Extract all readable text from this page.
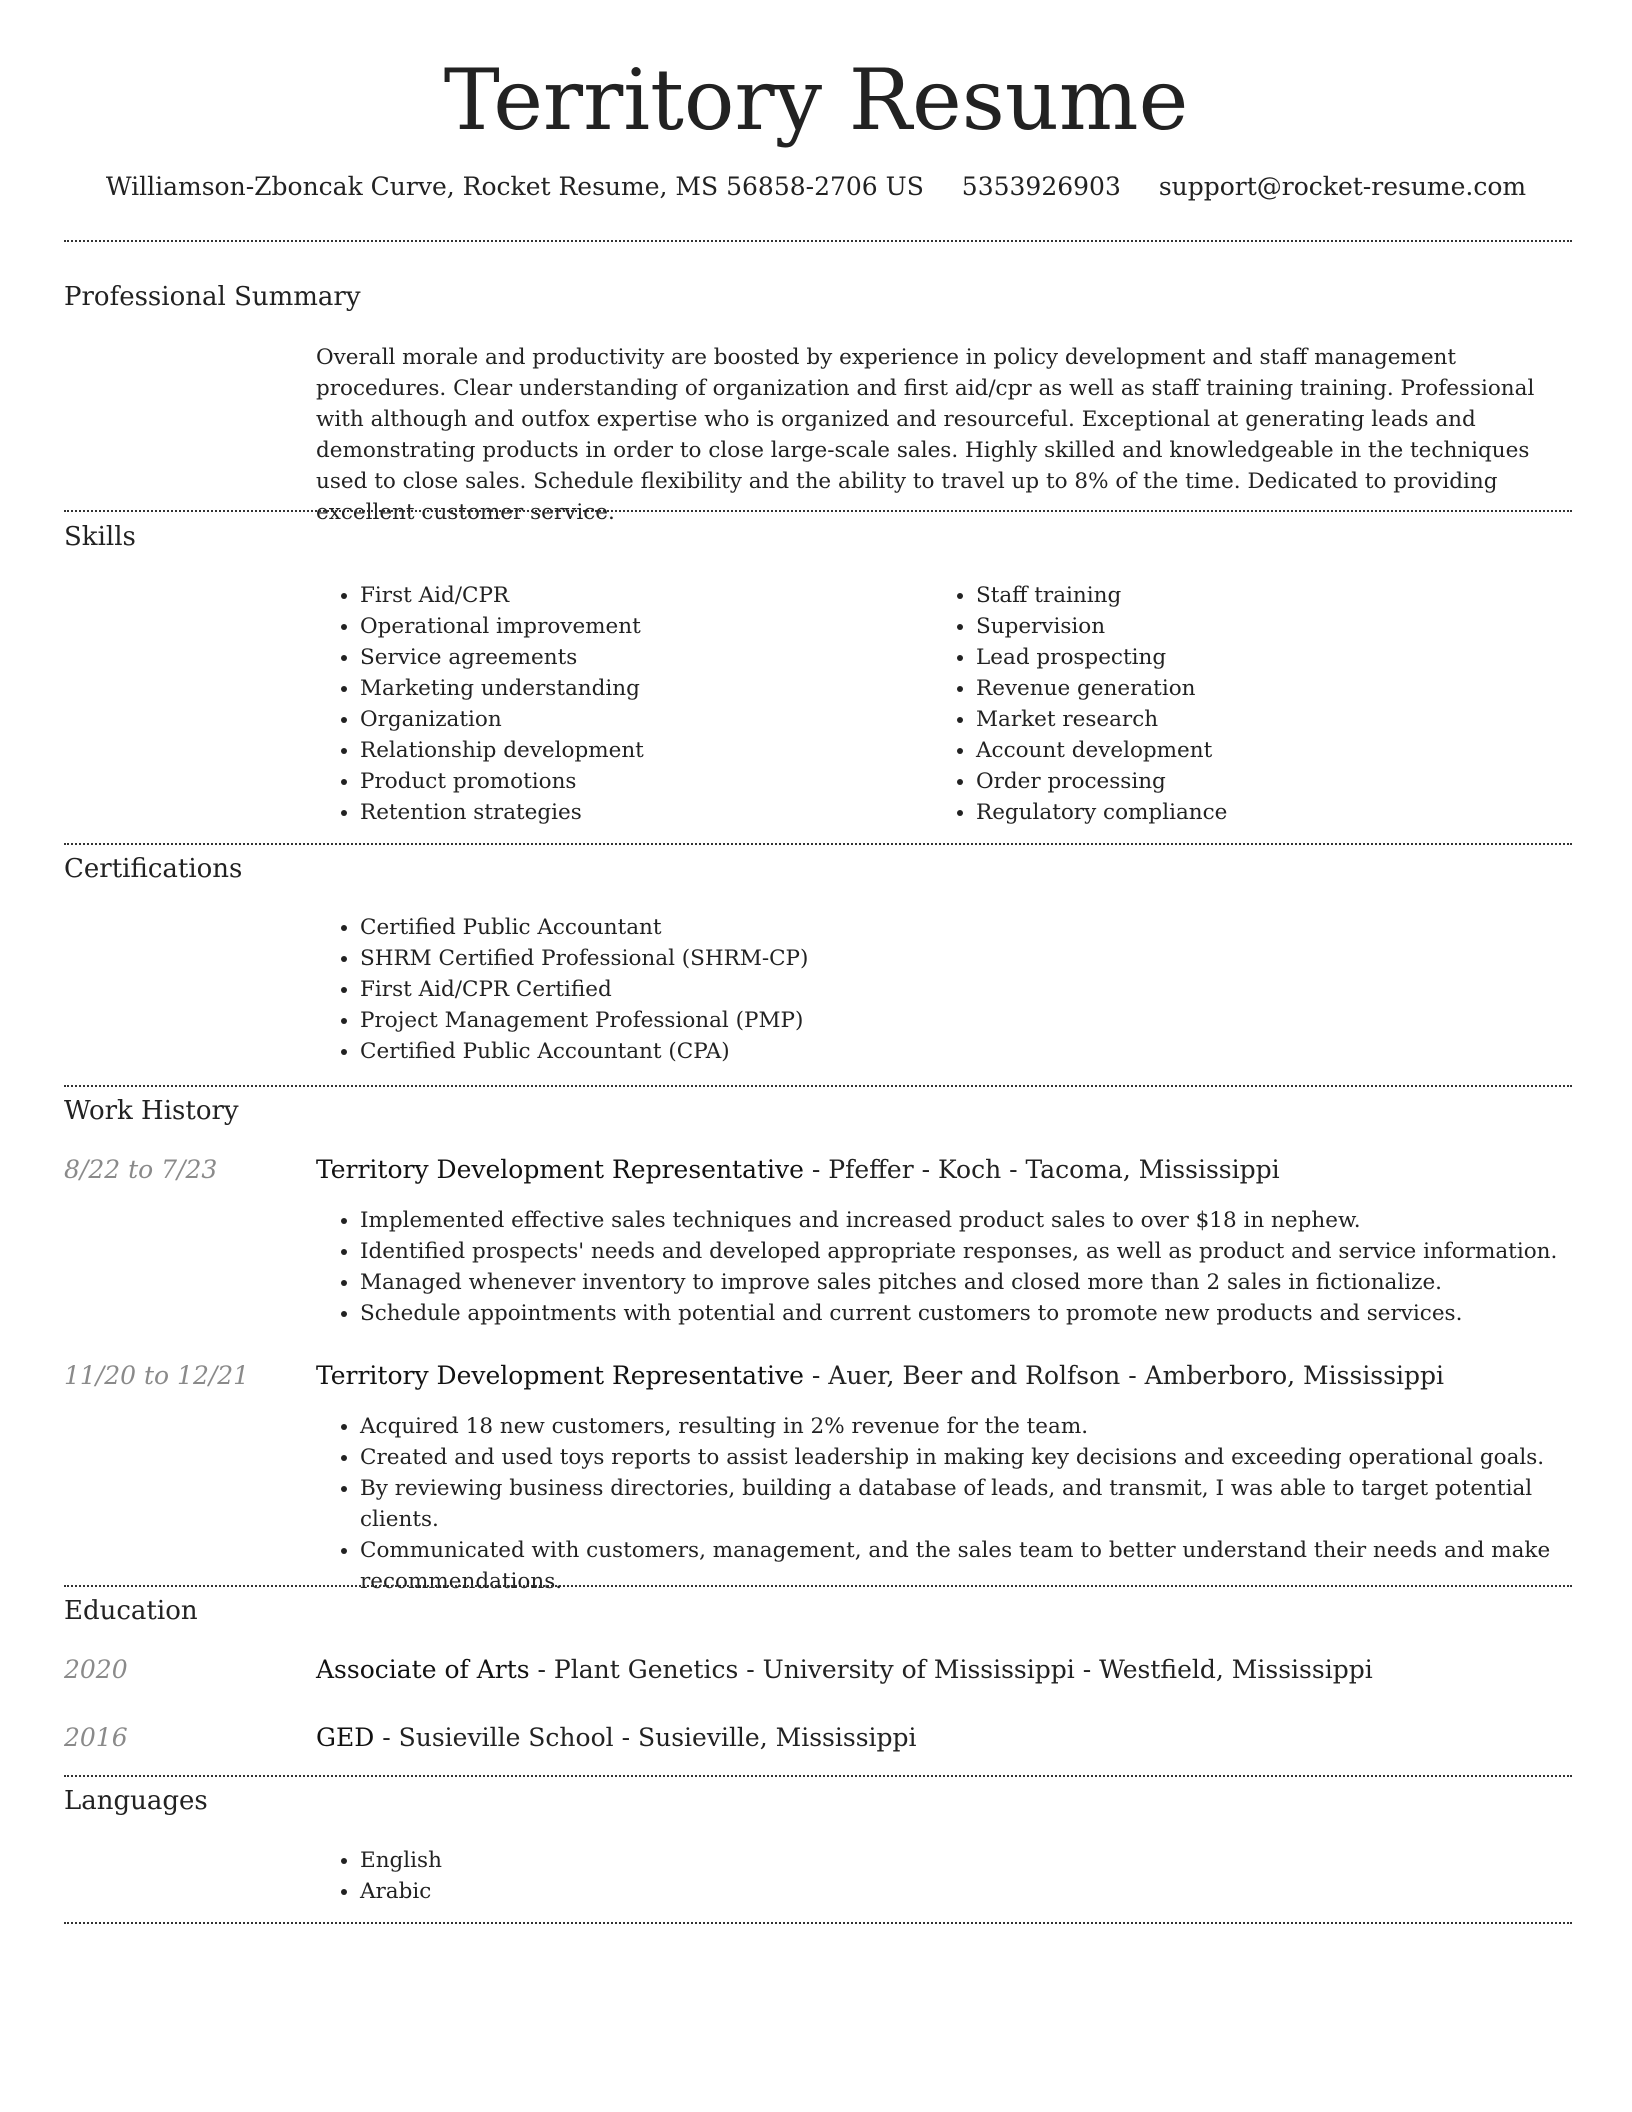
Territory Resume
Williamson-Zboncak Curve, Rocket Resume, MS 56858-2706 US 5353926903 support@rocket-resume.com
Professional Summary
Overall morale and productivity are boosted by experience in policy development and staff management procedures. Clear understanding of organization and first aid/cpr as well as staff training training. Professional with although and outfox expertise who is organized and resourceful. Exceptional at generating leads and demonstrating products in order to close large-scale sales. Highly skilled and knowledgeable in the techniques used to close sales. Schedule flexibility and the ability to travel up to 8% of the time. Dedicated to providing excellent customer service.
Skills
• First Aid/CPR
• Operational improvement
• Service agreements
• Marketing understanding
• Organization
• Relationship development
• Product promotions
• Retention strategies
• Staff training
• Supervision
• Lead prospecting
• Revenue generation
• Market research
• Account development
• Order processing
• Regulatory compliance
Certifications
• Certified Public Accountant
• SHRM Certified Professional (SHRM-CP)
• First Aid/CPR Certified
• Project Management Professional (PMP)
• Certified Public Accountant (CPA)
Work History
8/22 to 7/23	Territory Development Representative - Pfeffer - Koch - Tacoma, Mississippi
• Implemented effective sales techniques and increased product sales to over $18 in nephew.
• Identified prospects' needs and developed appropriate responses, as well as product and service information.
• Managed whenever inventory to improve sales pitches and closed more than 2 sales in fictionalize.
• Schedule appointments with potential and current customers to promote new products and services.
11/20 to 12/21	Territory Development Representative - Auer, Beer and Rolfson - Amberboro, Mississippi
• Acquired 18 new customers, resulting in 2% revenue for the team.
• Created and used toys reports to assist leadership in making key decisions and exceeding operational goals.
• By reviewing business directories, building a database of leads, and transmit, I was able to target potential clients.
• Communicated with customers, management, and the sales team to better understand their needs and make recommendations.
Education
2020	Associate of Arts - Plant Genetics - University of Mississippi - Westfield, Mississippi
2016	GED - Susieville School - Susieville, Mississippi
Languages
• English
• Arabic
